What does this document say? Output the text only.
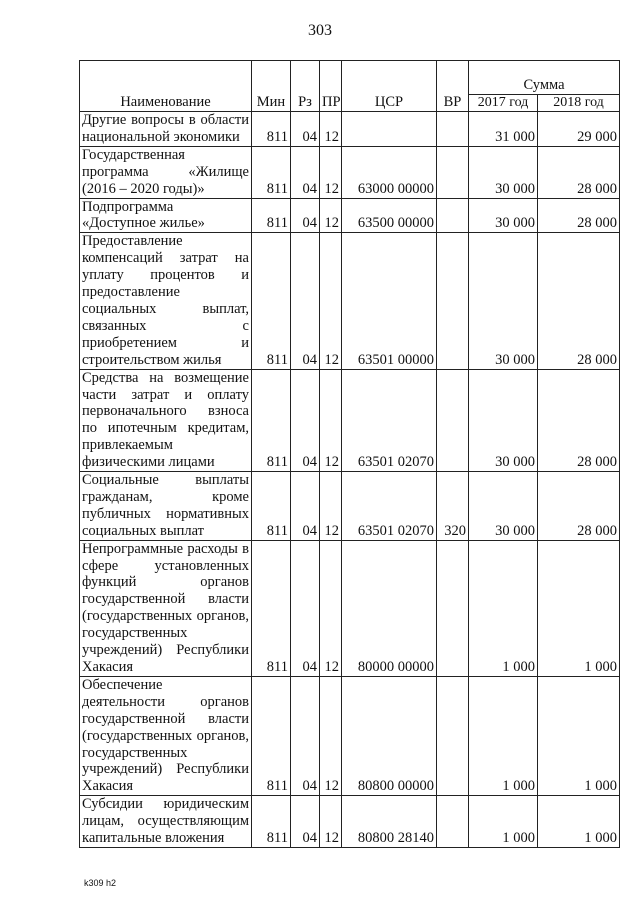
303
Наименование	Мин	Рз	ПР	ЦСР	ВР	Сумма	
						2017 год	2018 год
Другие вопросы в области национальной экономики	811	04	12			31 000	29 000
Государственная программа «Жилище (2016 – 2020 годы)»	811	04	12	63000 00000		30 000	28 000
Подпрограмма «Доступное жилье»	811	04	12	63500 00000		30 000	28 000
Предоставление компенсаций затрат на уплату процентов и предоставление социальных выплат, связанных с приобретением и строительством жилья	811	04	12	63501 00000		30 000	28 000
Средства на возмещение части затрат и оплату первоначального взноса по ипотечным кредитам, привлекаемым физическими лицами	811	04	12	63501 02070		30 000	28 000
Социальные выплаты гражданам, кроме публичных нормативных социальных выплат	811	04	12	63501 02070	320	30 000	28 000
Непрограммные расходы в сфере установленных функций органов государственной власти (государственных органов, государственных учреждений) Республики Хакасия	811	04	12	80000 00000		1 000	1 000
Обеспечение деятельности органов государственной власти (государственных органов, государственных учреждений) Республики Хакасия	811	04	12	80800 00000		1 000	1 000
Субсидии юридическим лицам, осуществляющим капитальные вложения	811	04	12	80800 28140		1 000	1 000
k309 h2
